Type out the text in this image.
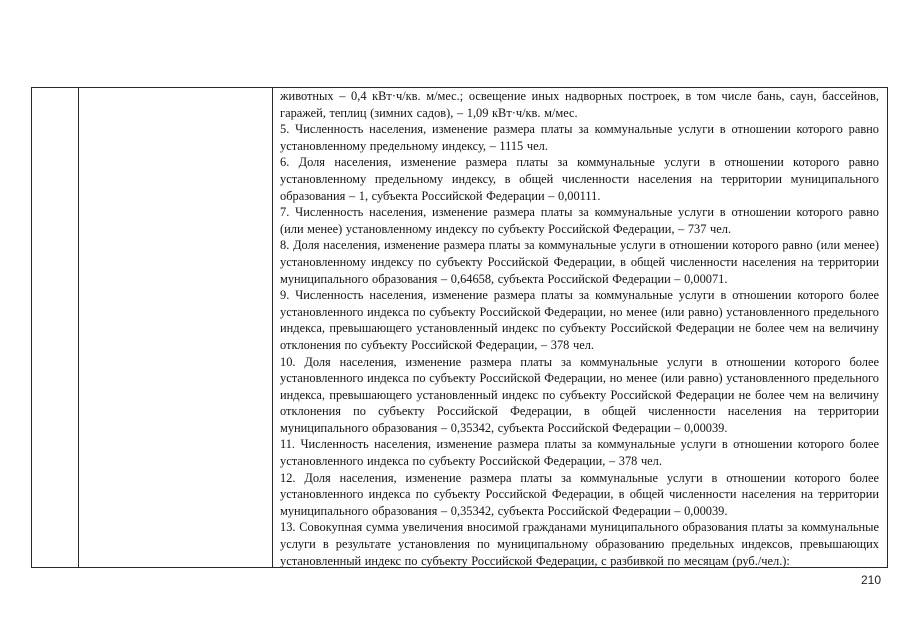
животных – 0,4 кВт·ч/кв. м/мес.; освещение иных надворных построек, в том числе бань, саун, бассейнов, гаражей, теплиц (зимних садов), – 1,09 кВт·ч/кв. м/мес.

5. Численность населения, изменение размера платы за коммунальные услуги в отношении которого равно установленному предельному индексу, – 1115 чел.

6. Доля населения, изменение размера платы за коммунальные услуги в отношении которого равно установленному предельному индексу, в общей численности населения на территории муниципального образования – 1, субъекта Российской Федерации – 0,00111.

7. Численность населения, изменение размера платы за коммунальные услуги в отношении которого равно (или менее) установленному индексу по субъекту Российской Федерации, – 737 чел.

8. Доля населения, изменение размера платы за коммунальные услуги в отношении которого равно (или менее) установленному индексу по субъекту Российской Федерации, в общей численности населения на территории муниципального образования – 0,64658, субъекта Российской Федерации – 0,00071.

9. Численность населения, изменение размера платы за коммунальные услуги в отношении которого более установленного индекса по субъекту Российской Федерации, но менее (или равно) установленного предельного индекса, превышающего установленный индекс по субъекту Российской Федерации не более чем на величину отклонения по субъекту Российской Федерации, – 378 чел.

10. Доля населения, изменение размера платы за коммунальные услуги в отношении которого более установленного индекса по субъекту Российской Федерации, но менее (или равно) установленного предельного индекса, превышающего установленный индекс по субъекту Российской Федерации не более чем на величину отклонения по субъекту Российской Федерации, в общей численности населения на территории муниципального образования – 0,35342, субъекта Российской Федерации – 0,00039.

11. Численность населения, изменение размера платы за коммунальные услуги в отношении которого более установленного индекса по субъекту Российской Федерации, – 378 чел.

12. Доля населения, изменение размера платы за коммунальные услуги в отношении которого более установленного индекса по субъекту Российской Федерации, в общей численности населения на территории муниципального образования – 0,35342, субъекта Российской Федерации – 0,00039.

13. Совокупная сумма увеличения вносимой гражданами муниципального образования платы за коммунальные услуги в результате установления по муниципальному образованию предельных индексов, превышающих установленный индекс по субъекту Российской Федерации, с разбивкой по месяцам (руб./чел.):

210
